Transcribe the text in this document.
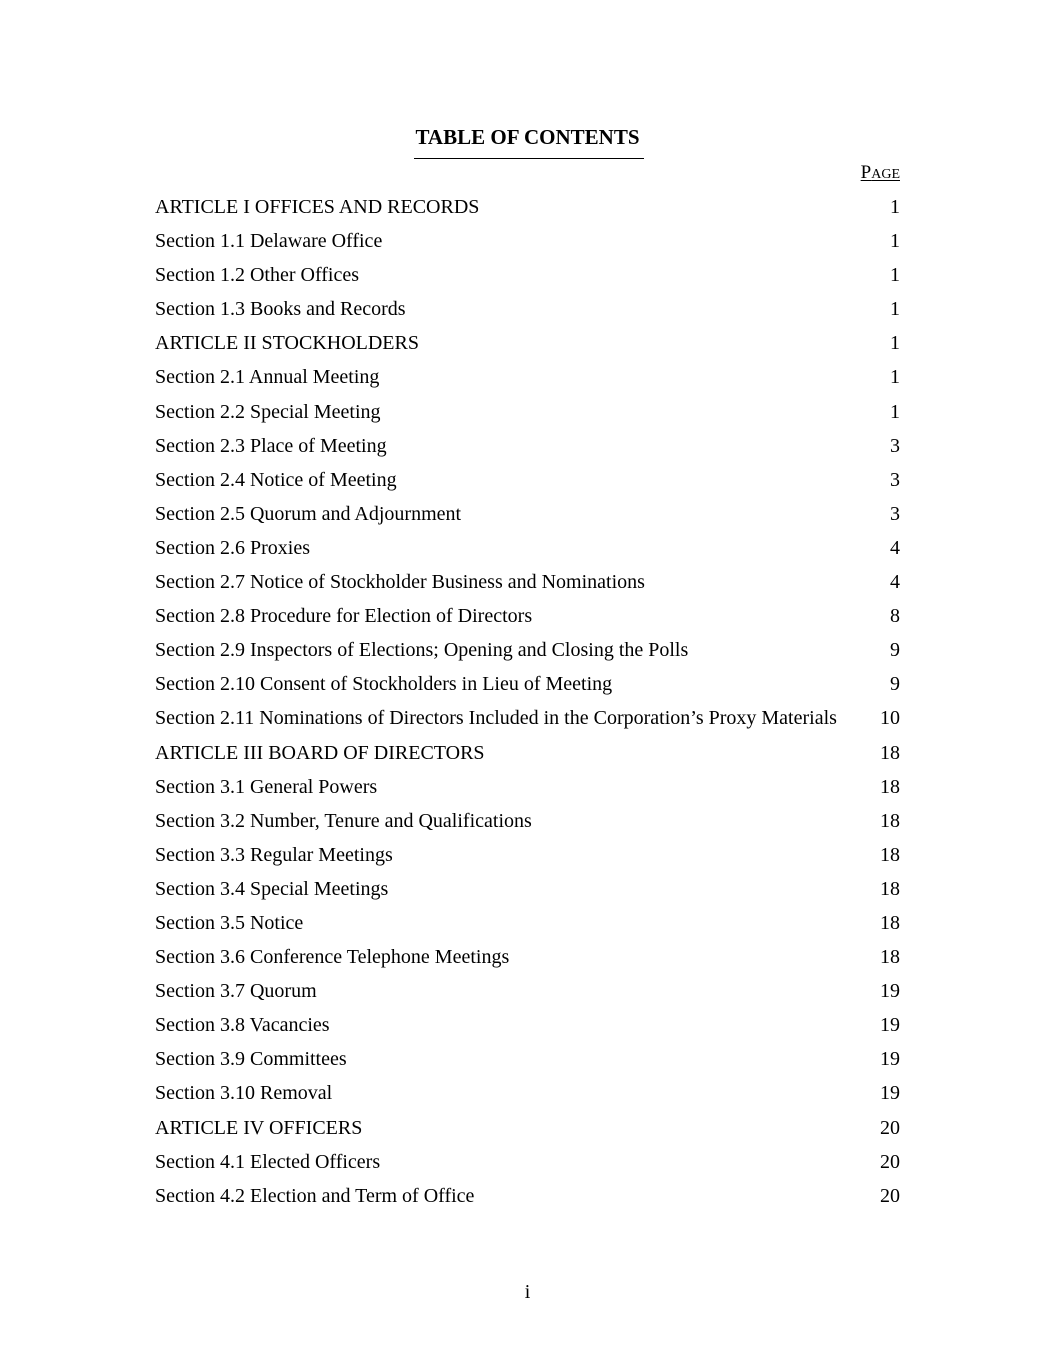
TABLE OF CONTENTS
PAGE
ARTICLE I OFFICES AND RECORDS	1
Section 1.1 Delaware Office	1
Section 1.2 Other Offices	1
Section 1.3 Books and Records	1
ARTICLE II STOCKHOLDERS	1
Section 2.1 Annual Meeting	1
Section 2.2 Special Meeting	1
Section 2.3 Place of Meeting	3
Section 2.4 Notice of Meeting	3
Section 2.5 Quorum and Adjournment	3
Section 2.6 Proxies	4
Section 2.7 Notice of Stockholder Business and Nominations	4
Section 2.8 Procedure for Election of Directors	8
Section 2.9 Inspectors of Elections; Opening and Closing the Polls	9
Section 2.10 Consent of Stockholders in Lieu of Meeting	9
Section 2.11 Nominations of Directors Included in the Corporation’s Proxy Materials	10
ARTICLE III BOARD OF DIRECTORS	18
Section 3.1 General Powers	18
Section 3.2 Number, Tenure and Qualifications	18
Section 3.3 Regular Meetings	18
Section 3.4 Special Meetings	18
Section 3.5 Notice	18
Section 3.6 Conference Telephone Meetings	18
Section 3.7 Quorum	19
Section 3.8 Vacancies	19
Section 3.9 Committees	19
Section 3.10 Removal	19
ARTICLE IV OFFICERS	20
Section 4.1 Elected Officers	20
Section 4.2 Election and Term of Office	20
i
